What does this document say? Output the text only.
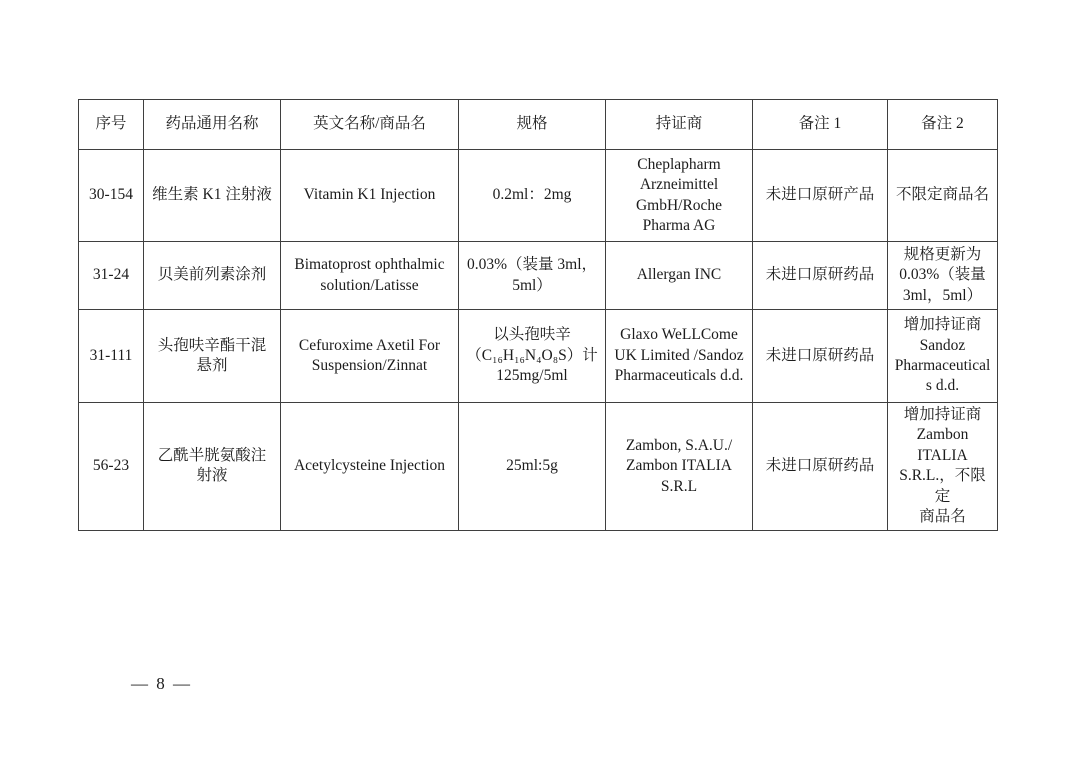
序号	药品通用名称	英文名称/商品名	规格	持证商	备注 1	备注 2
30-154	维生素 K1 注射液	Vitamin K1 Injection	0.2ml：2mg	Cheplapharm
Arzneimittel
GmbH/Roche
Pharma AG	未进口原研产品	不限定商品名
31-24	贝美前列素涂剂	Bimatoprost ophthalmic
solution/Latisse	0.03%（装量 3ml，
5ml）	Allergan INC	未进口原研药品	规格更新为
0.03%（装量
3ml，5ml）
31-111	头孢呋辛酯干混
悬剂	Cefuroxime Axetil For
Suspension/Zinnat	以头孢呋辛
（C₁₆H₁₆N₄O₈S）计
125mg/5ml	Glaxo WeLLCome
UK Limited /Sandoz
Pharmaceuticals d.d.	未进口原研药品	增加持证商
Sandoz
Pharmaceutical
s d.d.
56-23	乙酰半胱氨酸注
射液	Acetylcysteine Injection	25ml:5g	Zambon, S.A.U./
Zambon ITALIA
S.R.L	未进口原研药品	增加持证商
Zambon
ITALIA
S.R.L.，不限定
商品名
— 8 —
